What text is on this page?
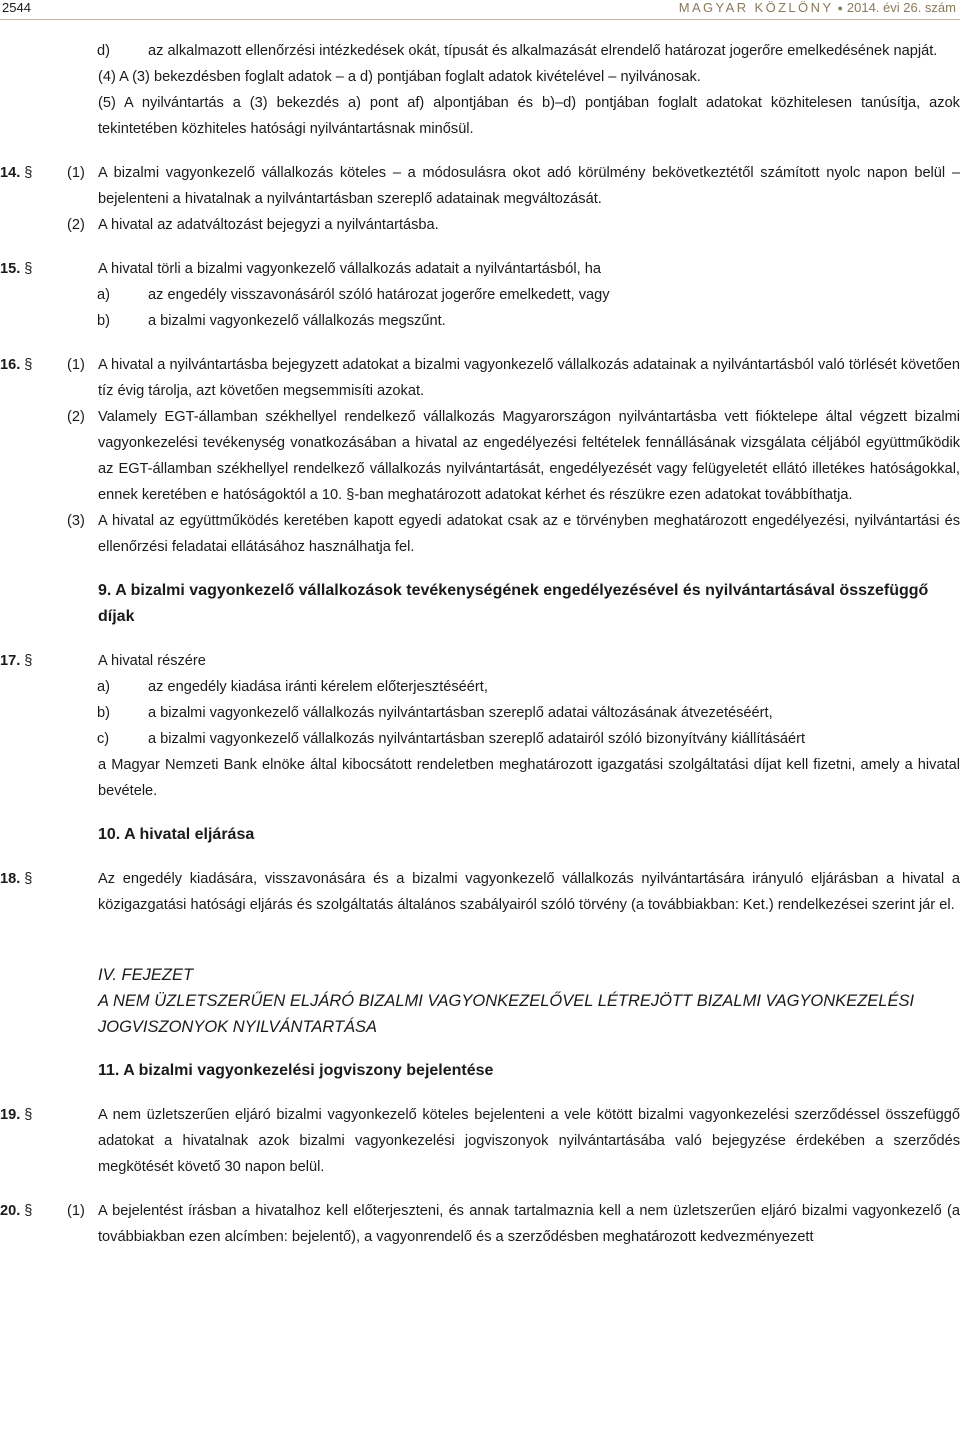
2544	MAGYAR KÖZLÖNY ● 2014. évi 26. szám
d)	az alkalmazott ellenőrzési intézkedések okát, típusát és alkalmazását elrendelő határozat jogerőre emelkedésének napját.
(4) A (3) bekezdésben foglalt adatok – a d) pontjában foglalt adatok kivételével – nyilvánosak.
(5) A nyilvántartás a (3) bekezdés a) pont af) alpontjában és b)–d) pontjában foglalt adatokat közhitelesen tanúsítja, azok tekintetében közhiteles hatósági nyilvántartásnak minősül.
14. § (1) A bizalmi vagyonkezelő vállalkozás köteles – a módosulásra okot adó körülmény bekövetkeztétől számított nyolc napon belül – bejelenteni a hivatalnak a nyilvántartásban szereplő adatainak megváltozását.
(2) A hivatal az adatváltozást bejegyzi a nyilvántartásba.
15. §	A hivatal törli a bizalmi vagyonkezelő vállalkozás adatait a nyilvántartásból, ha
a)	az engedély visszavonásáról szóló határozat jogerőre emelkedett, vagy
b)	a bizalmi vagyonkezelő vállalkozás megszűnt.
16. § (1) A hivatal a nyilvántartásba bejegyzett adatokat a bizalmi vagyonkezelő vállalkozás adatainak a nyilvántartásból való törlését követően tíz évig tárolja, azt követően megsemmisíti azokat.
(2) Valamely EGT-államban székhellyel rendelkező vállalkozás Magyarországon nyilvántartásba vett fióktelepe által végzett bizalmi vagyonkezelési tevékenység vonatkozásában a hivatal az engedélyezési feltételek fennállásának vizsgálata céljából együttműködik az EGT-államban székhellyel rendelkező vállalkozás nyilvántartását, engedélyezését vagy felügyeletét ellátó illetékes hatóságokkal, ennek keretében e hatóságoktól a 10. §-ban meghatározott adatokat kérhet és részükre ezen adatokat továbbíthatja.
(3) A hivatal az együttműködés keretében kapott egyedi adatokat csak az e törvényben meghatározott engedélyezési, nyilvántartási és ellenőrzési feladatai ellátásához használhatja fel.
9. A bizalmi vagyonkezelő vállalkozások tevékenységének engedélyezésével és nyilvántartásával összefüggő díjak
17. §	A hivatal részére
a)	az engedély kiadása iránti kérelem előterjesztéséért,
b)	a bizalmi vagyonkezelő vállalkozás nyilvántartásban szereplő adatai változásának átvezetéséért,
c)	a bizalmi vagyonkezelő vállalkozás nyilvántartásban szereplő adatairól szóló bizonyítvány kiállításáért
a Magyar Nemzeti Bank elnöke által kibocsátott rendeletben meghatározott igazgatási szolgáltatási díjat kell fizetni, amely a hivatal bevétele.
10. A hivatal eljárása
18. §	Az engedély kiadására, visszavonására és a bizalmi vagyonkezelő vállalkozás nyilvántartására irányuló eljárásban a hivatal a közigazgatási hatósági eljárás és szolgáltatás általános szabályairól szóló törvény (a továbbiakban: Ket.) rendelkezései szerint jár el.
IV. FEJEZET
A NEM ÜZLETSZERŰEN ELJÁRÓ BIZALMI VAGYONKEZELŐVEL LÉTREJÖTT BIZALMI VAGYONKEZELÉSI JOGVISZONYOK NYILVÁNTARTÁSA
11. A bizalmi vagyonkezelési jogviszony bejelentése
19. §	A nem üzletszerűen eljáró bizalmi vagyonkezelő köteles bejelenteni a vele kötött bizalmi vagyonkezelési szerződéssel összefüggő adatokat a hivatalnak azok bizalmi vagyonkezelési jogviszonyok nyilvántartásába való bejegyzése érdekében a szerződés megkötését követő 30 napon belül.
20. § (1) A bejelentést írásban a hivatalhoz kell előterjeszteni, és annak tartalmaznia kell a nem üzletszerűen eljáró bizalmi vagyonkezelő (a továbbiakban ezen alcímben: bejelentő), a vagyonrendelő és a szerződésben meghatározott kedvezményezett
